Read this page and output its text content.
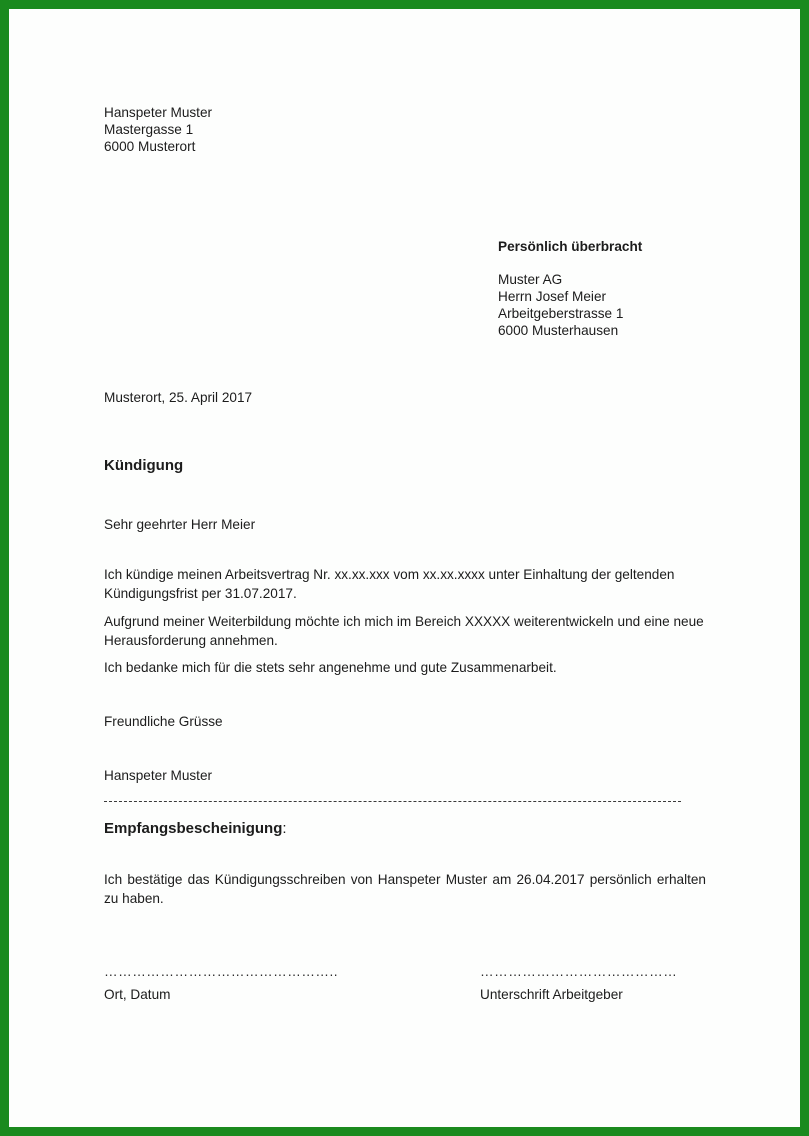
Hanspeter Muster
Mastergasse 1
6000 Musterort
Persönlich überbracht
Muster AG
Herrn Josef Meier
Arbeitgeberstrasse 1
6000 Musterhausen
Musterort, 25. April 2017
Kündigung
Sehr geehrter Herr Meier
Ich kündige meinen Arbeitsvertrag Nr. xx.xx.xxx vom xx.xx.xxxx unter Einhaltung der geltenden Kündigungsfrist per 31.07.2017.
Aufgrund meiner Weiterbildung möchte ich mich im Bereich XXXXX weiterentwickeln und eine neue Herausforderung annehmen.
Ich bedanke mich für die stets sehr angenehme und gute Zusammenarbeit.
Freundliche Grüsse
Hanspeter Muster
Empfangsbescheinigung:
Ich bestätige das Kündigungsschreiben von Hanspeter Muster am 26.04.2017 persönlich erhalten zu haben.
…………………………………………..
Ort, Datum
……………………………………
Unterschrift Arbeitgeber
